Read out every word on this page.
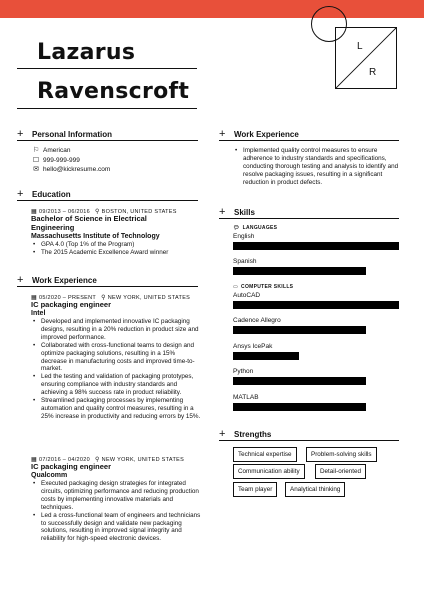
L
R
Lazarus
Ravenscroft
+	Personal Information
⚐ American
☐ 999-999-999
✉ hello@kickresume.com
+	Education
▦ 09/2013 – 06/2016 ⚲ BOSTON, UNITED STATES
Bachelor of Science in Electrical
Engineering
Massachusetts Institute of Technology
• GPA 4.0 (Top 1% of the Program)
• The 2015 Academic Excellence Award winner
+	Work Experience
▦ 05/2020 – PRESENT ⚲ NEW YORK, UNITED STATES
IC packaging engineer
Intel
• Developed and implemented innovative IC packaging designs, resulting in a 20% reduction in product size and improved performance.
• Collaborated with cross-functional teams to design and optimize packaging solutions, resulting in a 15% decrease in manufacturing costs and improved time-to-market.
• Led the testing and validation of packaging prototypes, ensuring compliance with industry standards and achieving a 98% success rate in product reliability.
• Streamlined packaging processes by implementing automation and quality control measures, resulting in a 25% increase in productivity and reducing errors by 15%.
▦ 07/2016 – 04/2020 ⚲ NEW YORK, UNITED STATES
IC packaging engineer
Qualcomm
• Executed packaging design strategies for integrated circuits, optimizing performance and reducing production costs by implementing innovative materials and techniques.
• Led a cross-functional team of engineers and technicians to successfully design and validate new packaging solutions, resulting in improved signal integrity and reliability for high-speed electronic devices.
+	Work Experience
• Implemented quality control measures to ensure adherence to industry standards and specifications, conducting thorough testing and analysis to identify and resolve packaging issues, resulting in a significant reduction in product defects.
+	Skills
💬︎ LANGUAGES
English
Spanish
▭ COMPUTER SKILLS
AutoCAD
Cadence Allegro
Ansys IcePak
Python
MATLAB
+	Strengths
Technical expertise	Problem-solving skills
Communication ability	Detail-oriented
Team player	Analytical thinking
